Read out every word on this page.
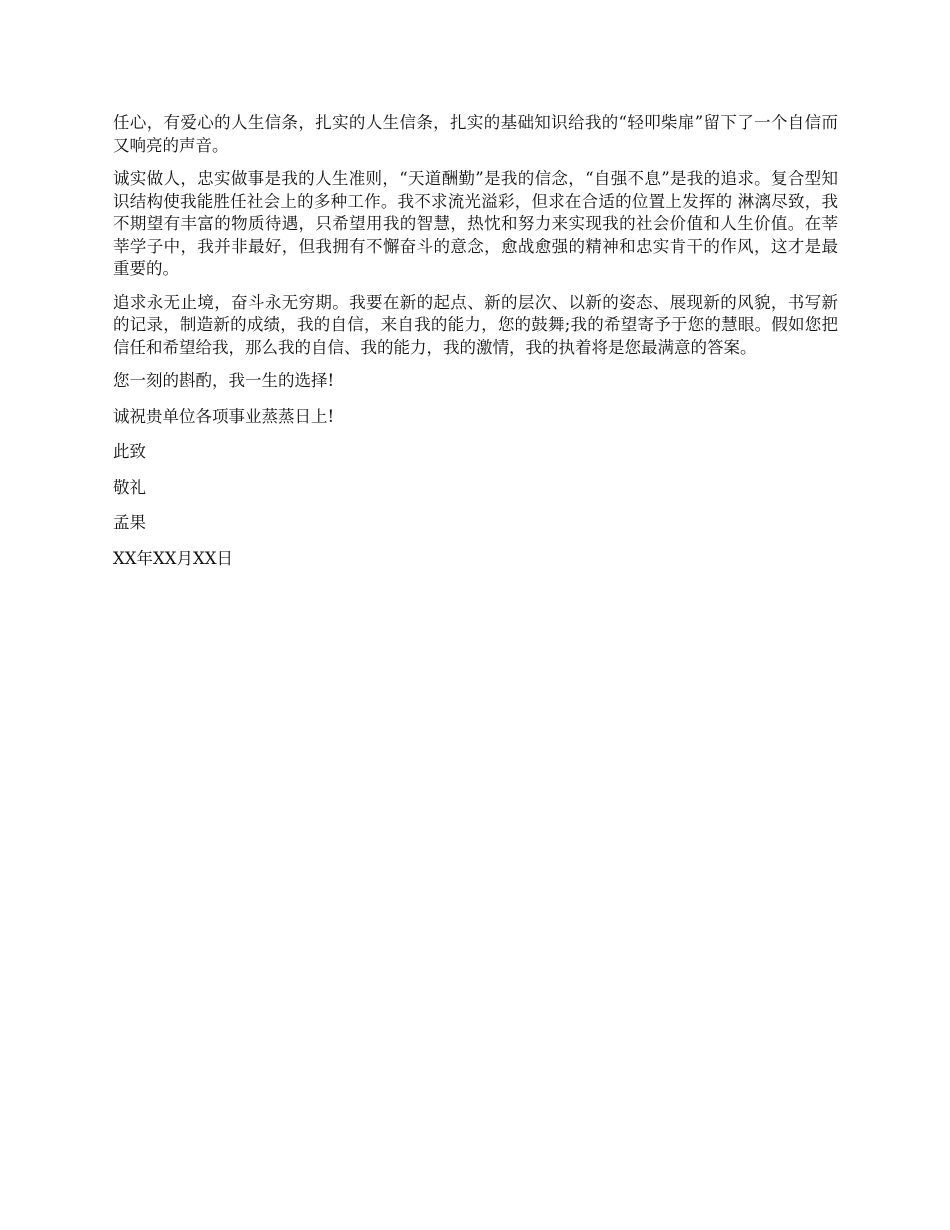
任心，有爱心的人生信条，扎实的人生信条，扎实的基础知识给我的“轻叩柴扉”留下了一个自信而又响亮的声音。

诚实做人，忠实做事是我的人生准则，“天道酬勤”是我的信念，“自强不息”是我的追求。复合型知识结构使我能胜任社会上的多种工作。我不求流光溢彩，但求在合适的位置上发挥的 淋漓尽致，我不期望有丰富的物质待遇，只希望用我的智慧，热忱和努力来实现我的社会价值和人生价值。在莘莘学子中，我并非最好，但我拥有不懈奋斗的意念，愈战愈强的精神和忠实肯干的作风，这才是最重要的。

追求永无止境，奋斗永无穷期。我要在新的起点、新的层次、以新的姿态、展现新的风貌，书写新的记录，制造新的成绩，我的自信，来自我的能力，您的鼓舞;我的希望寄予于您的慧眼。假如您把信任和希望给我，那么我的自信、我的能力，我的激情，我的执着将是您最满意的答案。

您一刻的斟酌，我一生的选择!

诚祝贵单位各项事业蒸蒸日上!

此致

敬礼

孟果

XX年XX月XX日
